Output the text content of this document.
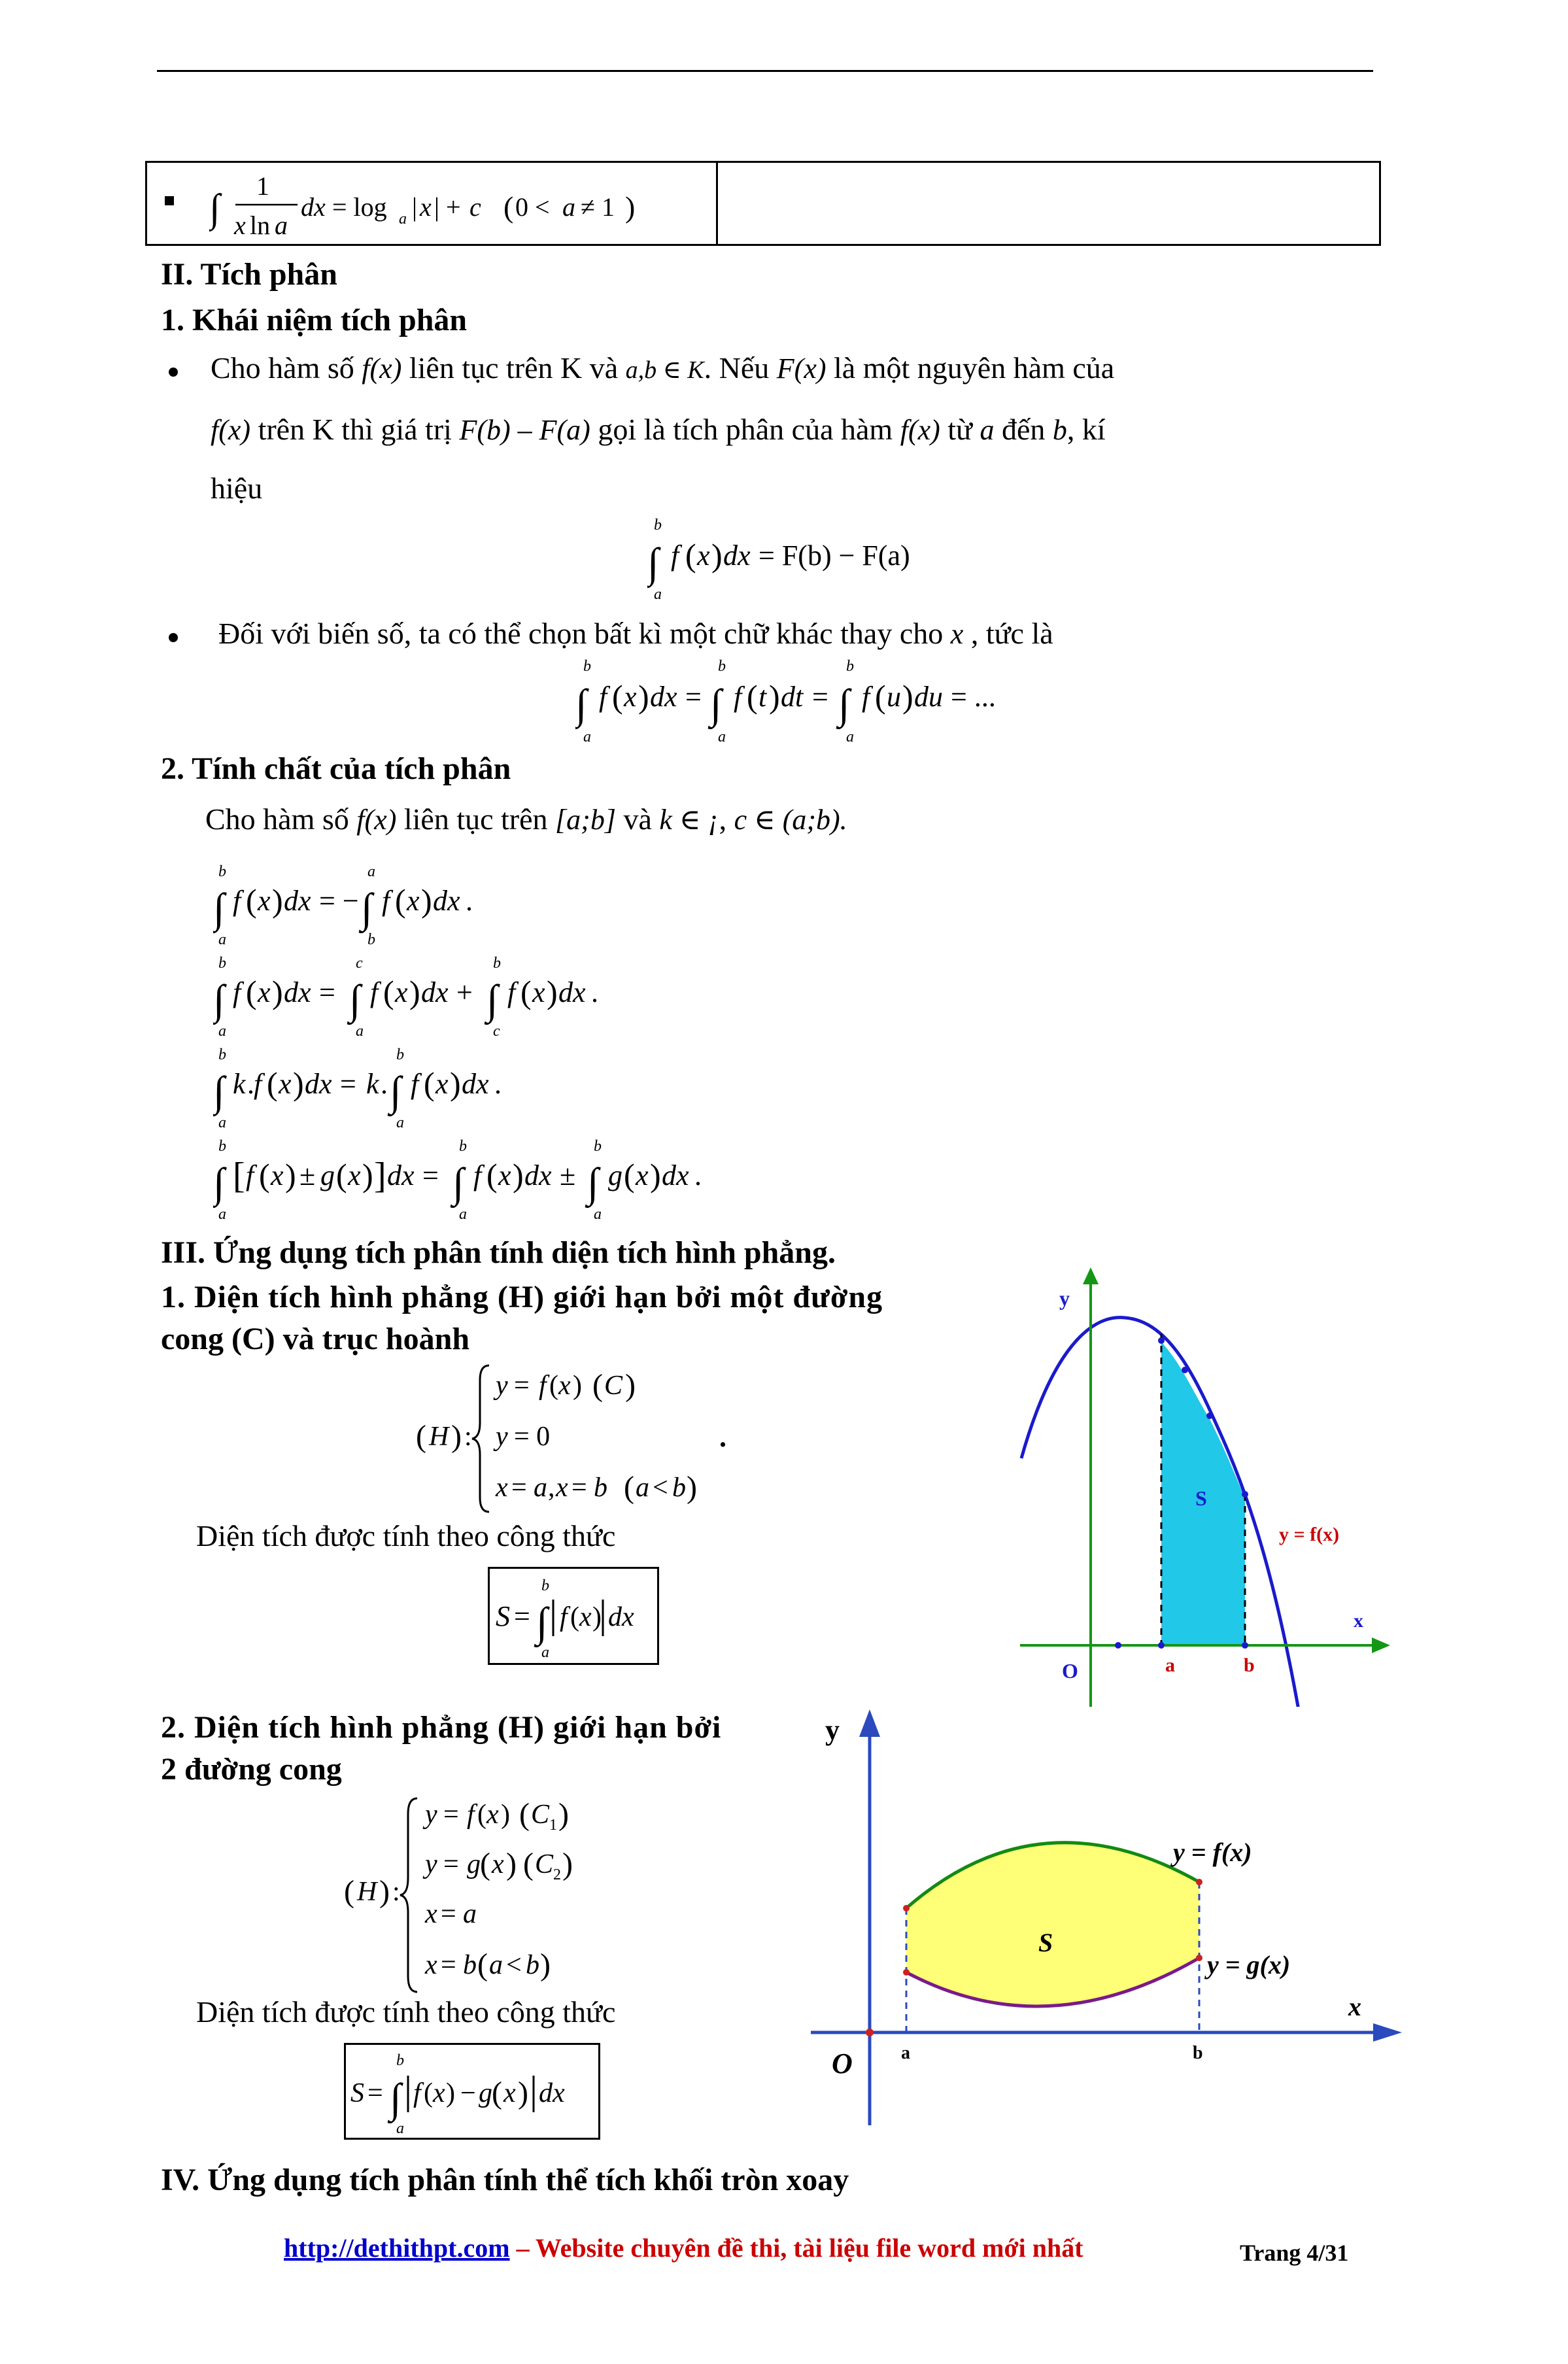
∫
1
x ln a
dx = log a | x | + c ( 0 < a ≠ 1 )
II. Tích phân
1. Khái niệm tích phân
Cho hàm số f(x) liên tục trên K và a,b ∈ K. Nếu F(x) là một nguyên hàm của
f(x) trên K thì giá trị F(b) – F(a) gọi là tích phân của hàm f(x) từ a đến b, kí
hiệu
b
∫
a
f ( x ) dx = F(b) − F(a)
Đối với biến số, ta có thể chọn bất kì một chữ khác thay cho x , tức là
b
∫
a
f ( x ) dx =
b
∫
a
f ( t ) dt =
b
∫
a
f ( u ) du = ...
2. Tính chất của tích phân
Cho hàm số f(x) liên tục trên [a;b] và k ∈ ¡, c ∈ (a;b).
b
∫
a
f ( x ) dx = −
a
∫
b
f ( x ) dx .
b
∫
a
f ( x ) dx =
c
∫
a
f ( x ) dx +
b
∫
c
f ( x ) dx .
b
∫
a
k . f ( x ) dx = k .
b
∫
a
f ( x ) dx .
b
∫
a
[ f ( x ) ± g ( x ) ] dx =
b
∫
a
f ( x ) dx ±
b
∫
a
g ( x ) dx .
III. Ứng dụng tích phân tính diện tích hình phẳng.
1. Diện tích hình phẳng (H) giới hạn bởi một đường
cong (C) và trục hoành
( H ) :
y = f ( x ) ( C )
y = 0
x = a , x = b ( a < b )
.
Diện tích được tính theo công thức
S =
b
∫
a
f ( x ) dx
y
x
O	a	b
S
y = f(x)
2. Diện tích hình phẳng (H) giới hạn bởi
2 đường cong
( H ) :
y = f ( x ) ( C 1 )
y = g ( x ) ( C 2 )
x = a
x = b ( a < b )
Diện tích được tính theo công thức
S =
b
∫
a
f ( x ) − g ( x ) dx
y
x
O	a	b
S
y = f(x)
y = g(x)
IV. Ứng dụng tích phân tính thể tích khối tròn xoay
http://dethithpt.com – Website chuyên đề thi, tài liệu file word mới nhất	Trang 4/31
